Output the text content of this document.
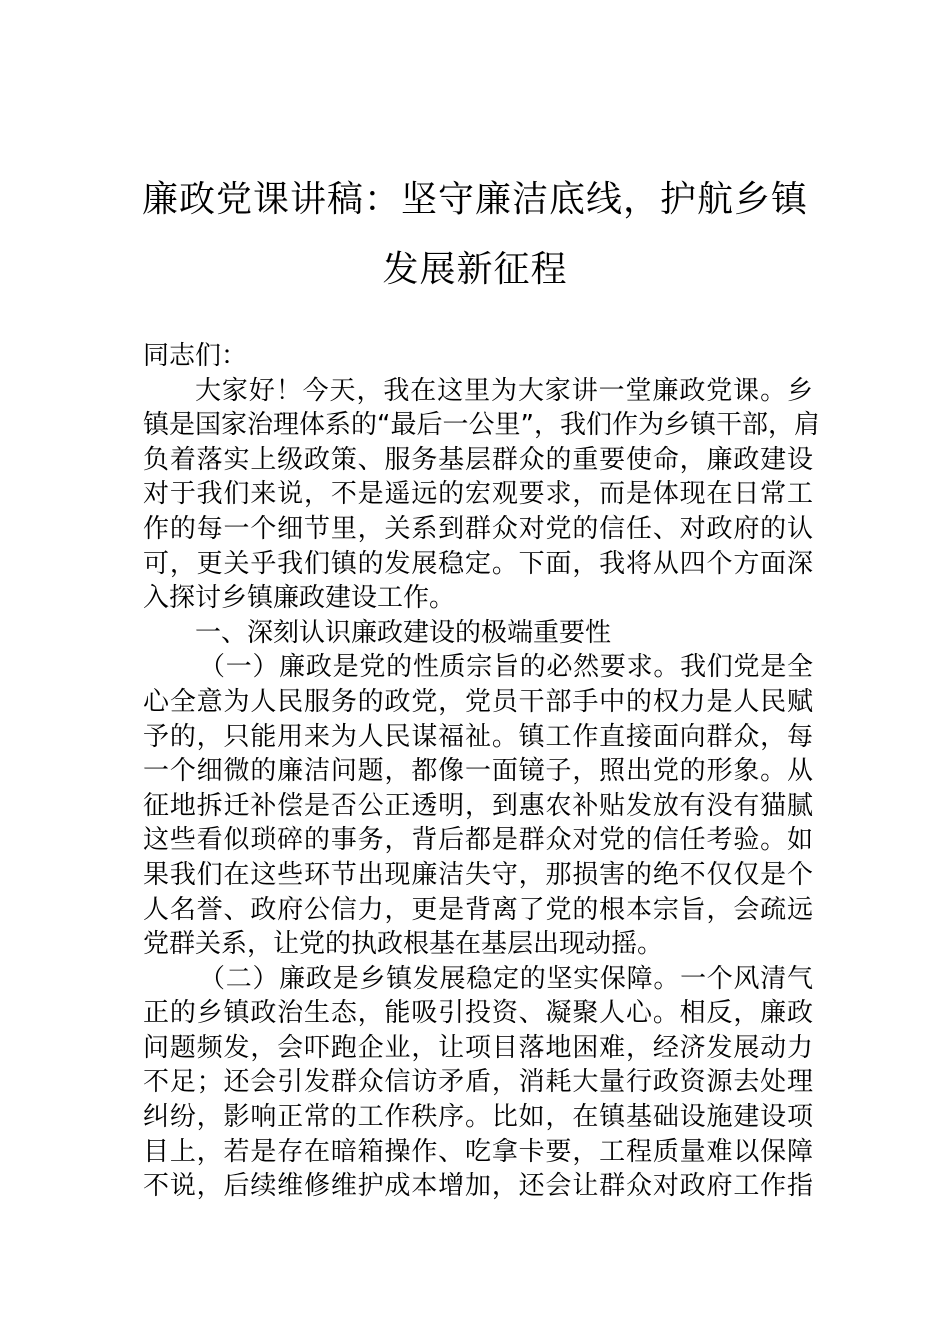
廉政党课讲稿：坚守廉洁底线，护航乡镇
发展新征程
同志们：
大家好！今天，我在这里为大家讲一堂廉政党课。乡
镇是国家治理体系的“最后一公里”，我们作为乡镇干部，肩
负着落实上级政策、服务基层群众的重要使命，廉政建设
对于我们来说，不是遥远的宏观要求，而是体现在日常工
作的每一个细节里，关系到群众对党的信任、对政府的认
可，更关乎我们镇的发展稳定。下面，我将从四个方面深
入探讨乡镇廉政建设工作。
一、深刻认识廉政建设的极端重要性
（一）廉政是党的性质宗旨的必然要求。我们党是全
心全意为人民服务的政党，党员干部手中的权力是人民赋
予的，只能用来为人民谋福祉。镇工作直接面向群众，每
一个细微的廉洁问题，都像一面镜子，照出党的形象。从
征地拆迁补偿是否公正透明，到惠农补贴发放有没有猫腻
这些看似琐碎的事务，背后都是群众对党的信任考验。如
果我们在这些环节出现廉洁失守，那损害的绝不仅仅是个
人名誉、政府公信力，更是背离了党的根本宗旨，会疏远
党群关系，让党的执政根基在基层出现动摇。
（二）廉政是乡镇发展稳定的坚实保障。一个风清气
正的乡镇政治生态，能吸引投资、凝聚人心。相反，廉政
问题频发，会吓跑企业，让项目落地困难，经济发展动力
不足；还会引发群众信访矛盾，消耗大量行政资源去处理
纠纷，影响正常的工作秩序。比如，在镇基础设施建设项
目上，若是存在暗箱操作、吃拿卡要，工程质量难以保障
不说，后续维修维护成本增加，还会让群众对政府工作指
